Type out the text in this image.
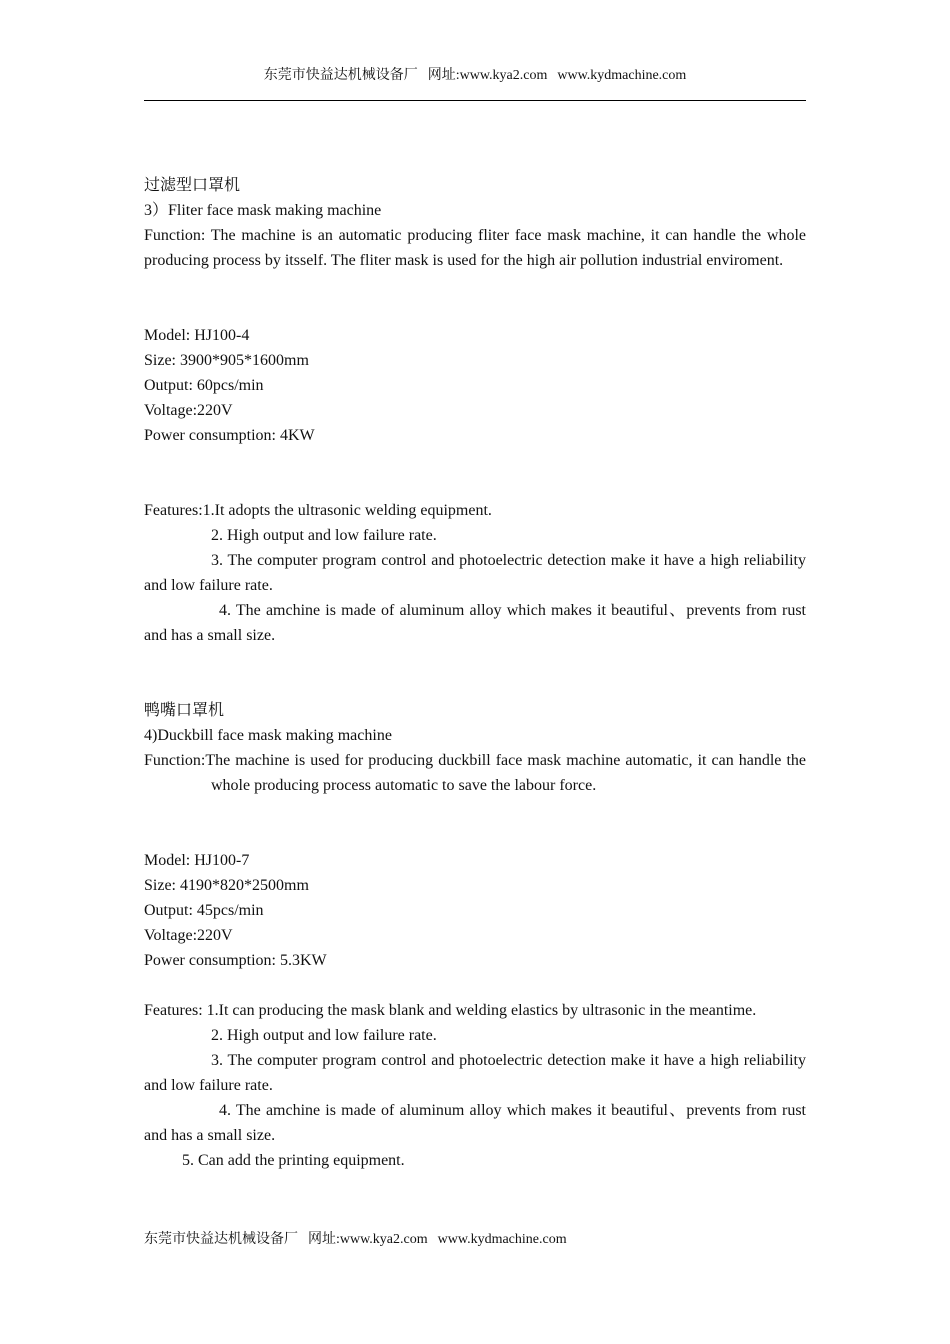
东莞市快益达机械设备厂 网址:www.kya2.com www.kydmachine.com

过滤型口罩机

3）Fliter face mask making machine

Function: The machine is an automatic producing fliter face mask machine, it can handle the whole producing process by itsself. The fliter mask is used for the high air pollution industrial enviroment.

Model: HJ100-4

Size: 3900*905*1600mm

Output: 60pcs/min

Voltage:220V

Power consumption: 4KW

Features:1.It adopts the ultrasonic welding equipment.

2. High output and low failure rate.

3. The computer program control and photoelectric detection make it have a high reliability and low failure rate.

4. The amchine is made of aluminum alloy which makes it beautiful、prevents from rust and has a small size.

鸭嘴口罩机

4)Duckbill face mask making machine

Function:The machine is used for producing duckbill face mask machine automatic, it can handle the whole producing process automatic to save the labour force.

Model: HJ100-7

Size: 4190*820*2500mm

Output: 45pcs/min

Voltage:220V

Power consumption: 5.3KW

Features: 1.It can producing the mask blank and welding elastics by ultrasonic in the meantime.

2. High output and low failure rate.

3. The computer program control and photoelectric detection make it have a high reliability and low failure rate.

4. The amchine is made of aluminum alloy which makes it beautiful、prevents from rust and has a small size.

5. Can add the printing equipment.

东莞市快益达机械设备厂 网址:www.kya2.com www.kydmachine.com
